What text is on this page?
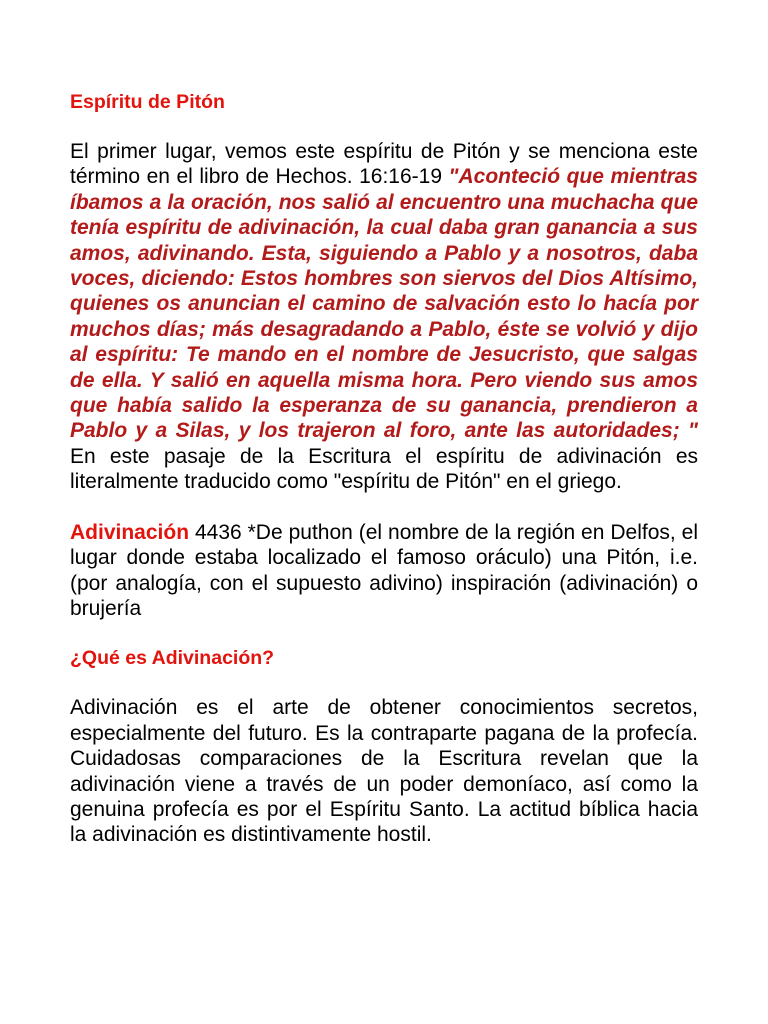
Espíritu de Pitón

El primer lugar, vemos este espíritu de Pitón y se menciona este término en el libro de Hechos. 16:16-19 "Aconteció que mientras íbamos a la oración, nos salió al encuentro una muchacha que tenía espíritu de adivinación, la cual daba gran ganancia a sus amos, adivinando. Esta, siguiendo a Pablo y a nosotros, daba voces, diciendo: Estos hombres son siervos del Dios Altísimo, quienes os anuncian el camino de salvación esto lo hacía por muchos días; más desagradando a Pablo, éste se volvió y dijo al espíritu: Te mando en el nombre de Jesucristo, que salgas de ella. Y salió en aquella misma hora. Pero viendo sus amos que había salido la esperanza de su ganancia, prendieron a Pablo y a Silas, y los trajeron al foro, ante las autoridades; " En este pasaje de la Escritura el espíritu de adivinación es literalmente traducido como "espíritu de Pitón" en el griego.

Adivinación 4436 *De puthon (el nombre de la región en Delfos, el lugar donde estaba localizado el famoso oráculo) una Pitón, i.e. (por analogía, con el supuesto adivino) inspiración (adivinación) o brujería

¿Qué es Adivinación?

Adivinación es el arte de obtener conocimientos secretos, especialmente del futuro. Es la contraparte pagana de la profecía. Cuidadosas comparaciones de la Escritura revelan que la adivinación viene a través de un poder demoníaco, así como la genuina profecía es por el Espíritu Santo. La actitud bíblica hacia la adivinación es distintivamente hostil.
